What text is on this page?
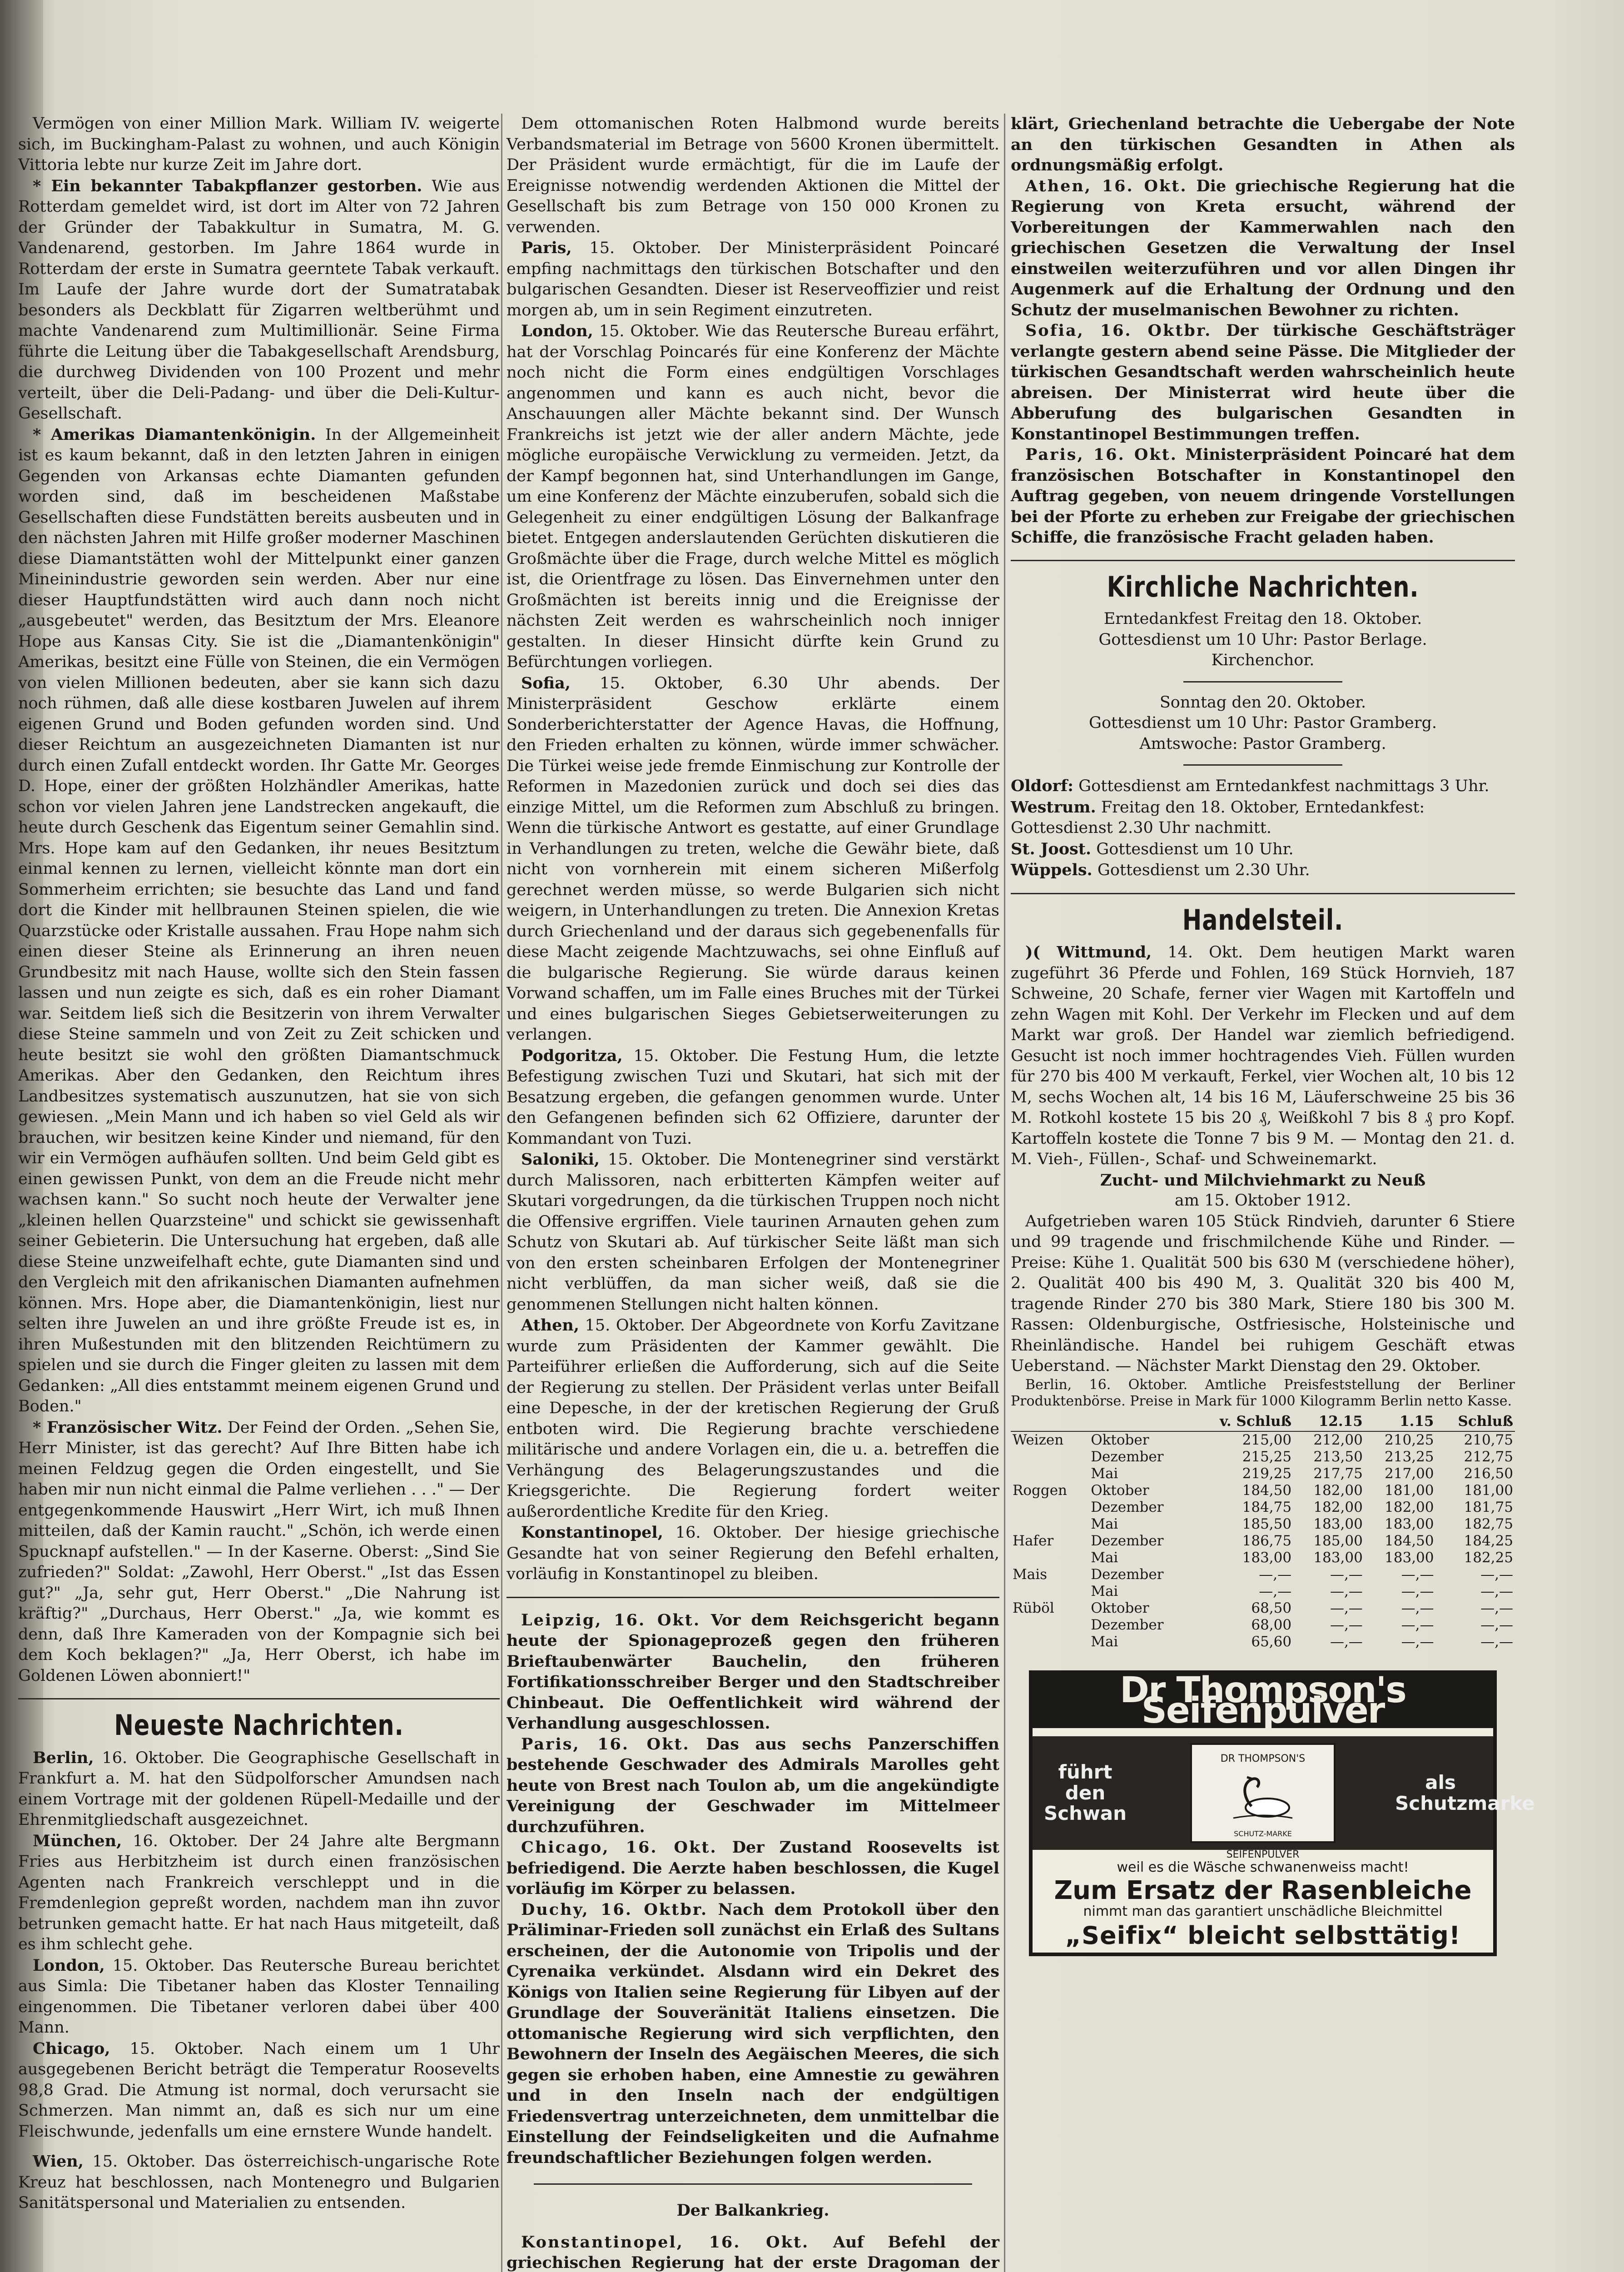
Vermögen von einer Million Mark. William IV. weigerte sich, im Buckingham-Palast zu wohnen, und auch Königin Vittoria lebte nur kurze Zeit im Jahre dort.

* Ein bekannter Tabakpflanzer gestorben. Wie aus Rotterdam gemeldet wird, ist dort im Alter von 72 Jahren der Gründer der Tabakkultur in Sumatra, M. G. Vandenarend, gestorben. Im Jahre 1864 wurde in Rotterdam der erste in Sumatra geerntete Tabak verkauft. Im Laufe der Jahre wurde dort der Sumatratabak besonders als Deckblatt für Zigarren weltberühmt und machte Vandenarend zum Multimillionär. Seine Firma führte die Leitung über die Tabakgesellschaft Arendsburg, die durchweg Dividenden von 100 Prozent und mehr verteilt, über die Deli-Padang- und über die Deli-Kultur-Gesellschaft.

* Amerikas Diamantenkönigin. In der Allgemeinheit ist es kaum bekannt, daß in den letzten Jahren in einigen Gegenden von Arkansas echte Diamanten gefunden worden sind, daß im bescheidenen Maßstabe Gesellschaften diese Fundstätten bereits ausbeuten und in den nächsten Jahren mit Hilfe großer moderner Maschinen diese Diamantstätten wohl der Mittelpunkt einer ganzen Mineinindustrie geworden sein werden. Aber nur eine dieser Hauptfundstätten wird auch dann noch nicht „ausgebeutet" werden, das Besitztum der Mrs. Eleanore Hope aus Kansas City. Sie ist die „Diamantenkönigin" Amerikas, besitzt eine Fülle von Steinen, die ein Vermögen von vielen Millionen bedeuten, aber sie kann sich dazu noch rühmen, daß alle diese kostbaren Juwelen auf ihrem eigenen Grund und Boden gefunden worden sind. Und dieser Reichtum an ausgezeichneten Diamanten ist nur durch einen Zufall entdeckt worden. Ihr Gatte Mr. Georges D. Hope, einer der größten Holzhändler Amerikas, hatte schon vor vielen Jahren jene Landstrecken angekauft, die heute durch Geschenk das Eigentum seiner Gemahlin sind. Mrs. Hope kam auf den Gedanken, ihr neues Besitztum einmal kennen zu lernen, vielleicht könnte man dort ein Sommerheim errichten; sie besuchte das Land und fand dort die Kinder mit hellbraunen Steinen spielen, die wie Quarzstücke oder Kristalle aussahen. Frau Hope nahm sich einen dieser Steine als Erinnerung an ihren neuen Grundbesitz mit nach Hause, wollte sich den Stein fassen lassen und nun zeigte es sich, daß es ein roher Diamant war. Seitdem ließ sich die Besitzerin von ihrem Verwalter diese Steine sammeln und von Zeit zu Zeit schicken und heute besitzt sie wohl den größten Diamantschmuck Amerikas. Aber den Gedanken, den Reichtum ihres Landbesitzes systematisch auszunutzen, hat sie von sich gewiesen. „Mein Mann und ich haben so viel Geld als wir brauchen, wir besitzen keine Kinder und niemand, für den wir ein Vermögen aufhäufen sollten. Und beim Geld gibt es einen gewissen Punkt, von dem an die Freude nicht mehr wachsen kann." So sucht noch heute der Verwalter jene „kleinen hellen Quarzsteine" und schickt sie gewissenhaft seiner Gebieterin. Die Untersuchung hat ergeben, daß alle diese Steine unzweifelhaft echte, gute Diamanten sind und den Vergleich mit den afrikanischen Diamanten aufnehmen können. Mrs. Hope aber, die Diamantenkönigin, liest nur selten ihre Juwelen an und ihre größte Freude ist es, in ihren Mußestunden mit den blitzenden Reichtümern zu spielen und sie durch die Finger gleiten zu lassen mit dem Gedanken: „All dies entstammt meinem eigenen Grund und Boden."

* Französischer Witz. Der Feind der Orden. „Sehen Sie, Herr Minister, ist das gerecht? Auf Ihre Bitten habe ich meinen Feldzug gegen die Orden eingestellt, und Sie haben mir nun nicht einmal die Palme verliehen . . ." — Der entgegenkommende Hauswirt „Herr Wirt, ich muß Ihnen mitteilen, daß der Kamin raucht." „Schön, ich werde einen Spucknapf aufstellen." — In der Kaserne. Oberst: „Sind Sie zufrieden?" Soldat: „Zawohl, Herr Oberst." „Ist das Essen gut?" „Ja, sehr gut, Herr Oberst." „Die Nahrung ist kräftig?" „Durchaus, Herr Oberst." „Ja, wie kommt es denn, daß Ihre Kameraden von der Kompagnie sich bei dem Koch beklagen?" „Ja, Herr Oberst, ich habe im Goldenen Löwen abonniert!"

Neueste Nachrichten.

Berlin, 16. Oktober. Die Geographische Gesellschaft in Frankfurt a. M. hat den Südpolforscher Amundsen nach einem Vortrage mit der goldenen Rüpell-Medaille und der Ehrenmitgliedschaft ausgezeichnet.

München, 16. Oktober. Der 24 Jahre alte Bergmann Fries aus Herbitzheim ist durch einen französischen Agenten nach Frankreich verschleppt und in die Fremdenlegion gepreßt worden, nachdem man ihn zuvor betrunken gemacht hatte. Er hat nach Haus mitgeteilt, daß es ihm schlecht gehe.

London, 15. Oktober. Das Reutersche Bureau berichtet aus Simla: Die Tibetaner haben das Kloster Tennailing eingenommen. Die Tibetaner verloren dabei über 400 Mann.

Chicago, 15. Oktober. Nach einem um 1 Uhr ausgegebenen Bericht beträgt die Temperatur Roosevelts 98,8 Grad. Die Atmung ist normal, doch verursacht sie Schmerzen. Man nimmt an, daß es sich nur um eine Fleischwunde, jedenfalls um eine ernstere Wunde handelt.

Wien, 15. Oktober. Das österreichisch-ungarische Rote Kreuz hat beschlossen, nach Montenegro und Bulgarien Sanitätspersonal und Materialien zu entsenden.

Dem ottomanischen Roten Halbmond wurde bereits Verbandsmaterial im Betrage von 5600 Kronen übermittelt. Der Präsident wurde ermächtigt, für die im Laufe der Ereignisse notwendig werdenden Aktionen die Mittel der Gesellschaft bis zum Betrage von 150 000 Kronen zu verwenden.

Paris, 15. Oktober. Der Ministerpräsident Poincaré empfing nachmittags den türkischen Botschafter und den bulgarischen Gesandten. Dieser ist Reserveoffizier und reist morgen ab, um in sein Regiment einzutreten.

London, 15. Oktober. Wie das Reutersche Bureau erfährt, hat der Vorschlag Poincarés für eine Konferenz der Mächte noch nicht die Form eines endgültigen Vorschlages angenommen und kann es auch nicht, bevor die Anschauungen aller Mächte bekannt sind. Der Wunsch Frankreichs ist jetzt wie der aller andern Mächte, jede mögliche europäische Verwicklung zu vermeiden. Jetzt, da der Kampf begonnen hat, sind Unterhandlungen im Gange, um eine Konferenz der Mächte einzuberufen, sobald sich die Gelegenheit zu einer endgültigen Lösung der Balkanfrage bietet. Entgegen anderslautenden Gerüchten diskutieren die Großmächte über die Frage, durch welche Mittel es möglich ist, die Orientfrage zu lösen. Das Einvernehmen unter den Großmächten ist bereits innig und die Ereignisse der nächsten Zeit werden es wahrscheinlich noch inniger gestalten. In dieser Hinsicht dürfte kein Grund zu Befürchtungen vorliegen.

Sofia, 15. Oktober, 6.30 Uhr abends. Der Ministerpräsident Geschow erklärte einem Sonderberichterstatter der Agence Havas, die Hoffnung, den Frieden erhalten zu können, würde immer schwächer. Die Türkei weise jede fremde Einmischung zur Kontrolle der Reformen in Mazedonien zurück und doch sei dies das einzige Mittel, um die Reformen zum Abschluß zu bringen. Wenn die türkische Antwort es gestatte, auf einer Grundlage in Verhandlungen zu treten, welche die Gewähr biete, daß nicht von vornherein mit einem sicheren Mißerfolg gerechnet werden müsse, so werde Bulgarien sich nicht weigern, in Unterhandlungen zu treten. Die Annexion Kretas durch Griechenland und der daraus sich gegebenenfalls für diese Macht zeigende Machtzuwachs, sei ohne Einfluß auf die bulgarische Regierung. Sie würde daraus keinen Vorwand schaffen, um im Falle eines Bruches mit der Türkei und eines bulgarischen Sieges Gebietserweiterungen zu verlangen.

Podgoritza, 15. Oktober. Die Festung Hum, die letzte Befestigung zwischen Tuzi und Skutari, hat sich mit der Besatzung ergeben, die gefangen genommen wurde. Unter den Gefangenen befinden sich 62 Offiziere, darunter der Kommandant von Tuzi.

Saloniki, 15. Oktober. Die Montenegriner sind verstärkt durch Malissoren, nach erbitterten Kämpfen weiter auf Skutari vorgedrungen, da die türkischen Truppen noch nicht die Offensive ergriffen. Viele taurinen Arnauten gehen zum Schutz von Skutari ab. Auf türkischer Seite läßt man sich von den ersten scheinbaren Erfolgen der Montenegriner nicht verblüffen, da man sicher weiß, daß sie die genommenen Stellungen nicht halten können.

Athen, 15. Oktober. Der Abgeordnete von Korfu Zavitzane wurde zum Präsidenten der Kammer gewählt. Die Parteiführer erließen die Aufforderung, sich auf die Seite der Regierung zu stellen. Der Präsident verlas unter Beifall eine Depesche, in der der kretischen Regierung der Gruß entboten wird. Die Regierung brachte verschiedene militärische und andere Vorlagen ein, die u. a. betreffen die Verhängung des Belagerungszustandes und die Kriegsgerichte. Die Regierung fordert weiter außerordentliche Kredite für den Krieg.

Konstantinopel, 16. Oktober. Der hiesige griechische Gesandte hat von seiner Regierung den Befehl erhalten, vorläufig in Konstantinopel zu bleiben.

Leipzig, 16. Okt. Vor dem Reichsgericht begann heute der Spionageprozeß gegen den früheren Brieftaubenwärter Bauchelin, den früheren Fortifikationsschreiber Berger und den Stadtschreiber Chinbeaut. Die Oeffentlichkeit wird während der Verhandlung ausgeschlossen.

Paris, 16. Okt. Das aus sechs Panzerschiffen bestehende Geschwader des Admirals Marolles geht heute von Brest nach Toulon ab, um die angekündigte Vereinigung der Geschwader im Mittelmeer durchzuführen.

Chicago, 16. Okt. Der Zustand Roosevelts ist befriedigend. Die Aerzte haben beschlossen, die Kugel vorläufig im Körper zu belassen.

Duchy, 16. Oktbr. Nach dem Protokoll über den Präliminar-Frieden soll zunächst ein Erlaß des Sultans erscheinen, der die Autonomie von Tripolis und der Cyrenaika verkündet. Alsdann wird ein Dekret des Königs von Italien seine Regierung für Libyen auf der Grundlage der Souveränität Italiens einsetzen. Die ottomanische Regierung wird sich verpflichten, den Bewohnern der Inseln des Aegäischen Meeres, die sich gegen sie erhoben haben, eine Amnestie zu gewähren und in den Inseln nach der endgültigen Friedensvertrag unterzeichneten, dem unmittelbar die Einstellung der Feindseligkeiten und die Aufnahme freundschaftlicher Beziehungen folgen werden.

Der Balkankrieg.

Konstantinopel, 16. Okt. Auf Befehl der griechischen Regierung hat der erste Dragoman der

klärt, Griechenland betrachte die Uebergabe der Note an den türkischen Gesandten in Athen als ordnungsmäßig erfolgt.

Athen, 16. Okt. Die griechische Regierung hat die Regierung von Kreta ersucht, während der Vorbereitungen der Kammerwahlen nach den griechischen Gesetzen die Verwaltung der Insel einstweilen weiterzuführen und vor allen Dingen ihr Augenmerk auf die Erhaltung der Ordnung und den Schutz der muselmanischen Bewohner zu richten.

Sofia, 16. Oktbr. Der türkische Geschäftsträger verlangte gestern abend seine Pässe. Die Mitglieder der türkischen Gesandtschaft werden wahrscheinlich heute abreisen. Der Ministerrat wird heute über die Abberufung des bulgarischen Gesandten in Konstantinopel Bestimmungen treffen.

Paris, 16. Okt. Ministerpräsident Poincaré hat dem französischen Botschafter in Konstantinopel den Auftrag gegeben, von neuem dringende Vorstellungen bei der Pforte zu erheben zur Freigabe der griechischen Schiffe, die französische Fracht geladen haben.

Kirchliche Nachrichten.

Erntedankfest Freitag den 18. Oktober.

Gottesdienst um 10 Uhr: Pastor Berlage.

Kirchenchor.

Sonntag den 20. Oktober.

Gottesdienst um 10 Uhr: Pastor Gramberg.

Amtswoche: Pastor Gramberg.

Oldorf: Gottesdienst am Erntedankfest nachmittags 3 Uhr.

Westrum. Freitag den 18. Oktober, Erntedankfest: Gottesdienst 2.30 Uhr nachmitt.

St. Joost. Gottesdienst um 10 Uhr.

Wüppels. Gottesdienst um 2.30 Uhr.

Handelsteil.

)( Wittmund, 14. Okt. Dem heutigen Markt waren zugeführt 36 Pferde und Fohlen, 169 Stück Hornvieh, 187 Schweine, 20 Schafe, ferner vier Wagen mit Kartoffeln und zehn Wagen mit Kohl. Der Verkehr im Flecken und auf dem Markt war groß. Der Handel war ziemlich befriedigend. Gesucht ist noch immer hochtragendes Vieh. Füllen wurden für 270 bis 400 M verkauft, Ferkel, vier Wochen alt, 10 bis 12 M, sechs Wochen alt, 14 bis 16 M, Läuferschweine 25 bis 36 M. Rotkohl kostete 15 bis 20 ₰, Weißkohl 7 bis 8 ₰ pro Kopf. Kartoffeln kostete die Tonne 7 bis 9 M. — Montag den 21. d. M. Vieh-, Füllen-, Schaf- und Schweinemarkt.

Zucht- und Milchviehmarkt zu Neuß

am 15. Oktober 1912.

Aufgetrieben waren 105 Stück Rindvieh, darunter 6 Stiere und 99 tragende und frischmilchende Kühe und Rinder. — Preise: Kühe 1. Qualität 500 bis 630 M (verschiedene höher), 2. Qualität 400 bis 490 M, 3. Qualität 320 bis 400 M, tragende Rinder 270 bis 380 Mark, Stiere 180 bis 300 M. Rassen: Oldenburgische, Ostfriesische, Holsteinische und Rheinländische. Handel bei ruhigem Geschäft etwas Ueberstand. — Nächster Markt Dienstag den 29. Oktober.

Berlin, 16. Oktober. Amtliche Preisfeststellung der Berliner Produktenbörse. Preise in Mark für 1000 Kilogramm Berlin netto Kasse.

		v. Schluß	12.15	1.15	Schluß
Weizen	Oktober	215,00	212,00	210,25	210,75
	Dezember	215,25	213,50	213,25	212,75
	Mai	219,25	217,75	217,00	216,50
Roggen	Oktober	184,50	182,00	181,00	181,00
	Dezember	184,75	182,00	182,00	181,75
	Mai	185,50	183,00	183,00	182,75
Hafer	Dezember	186,75	185,00	184,50	184,25
	Mai	183,00	183,00	183,00	182,25
Mais	Dezember	—,—	—,—	—,—	—,—
	Mai	—,—	—,—	—,—	—,—
Rüböl	Oktober	68,50	—,—	—,—	—,—
	Dezember	68,00	—,—	—,—	—,—
	Mai	65,60	—,—	—,—	—,—
Dr Thompson's Seifenpulver
führt den Schwan
DR THOMPSON'S
SCHUTZ-MARKE
SEIFENPULVER
als Schutzmarke
weil es die Wäsche schwanenweiss macht!
Zum Ersatz der Rasenbleiche
nimmt man das garantiert unschädliche Bleichmittel
„Seifix“ bleicht selbsttätig!
